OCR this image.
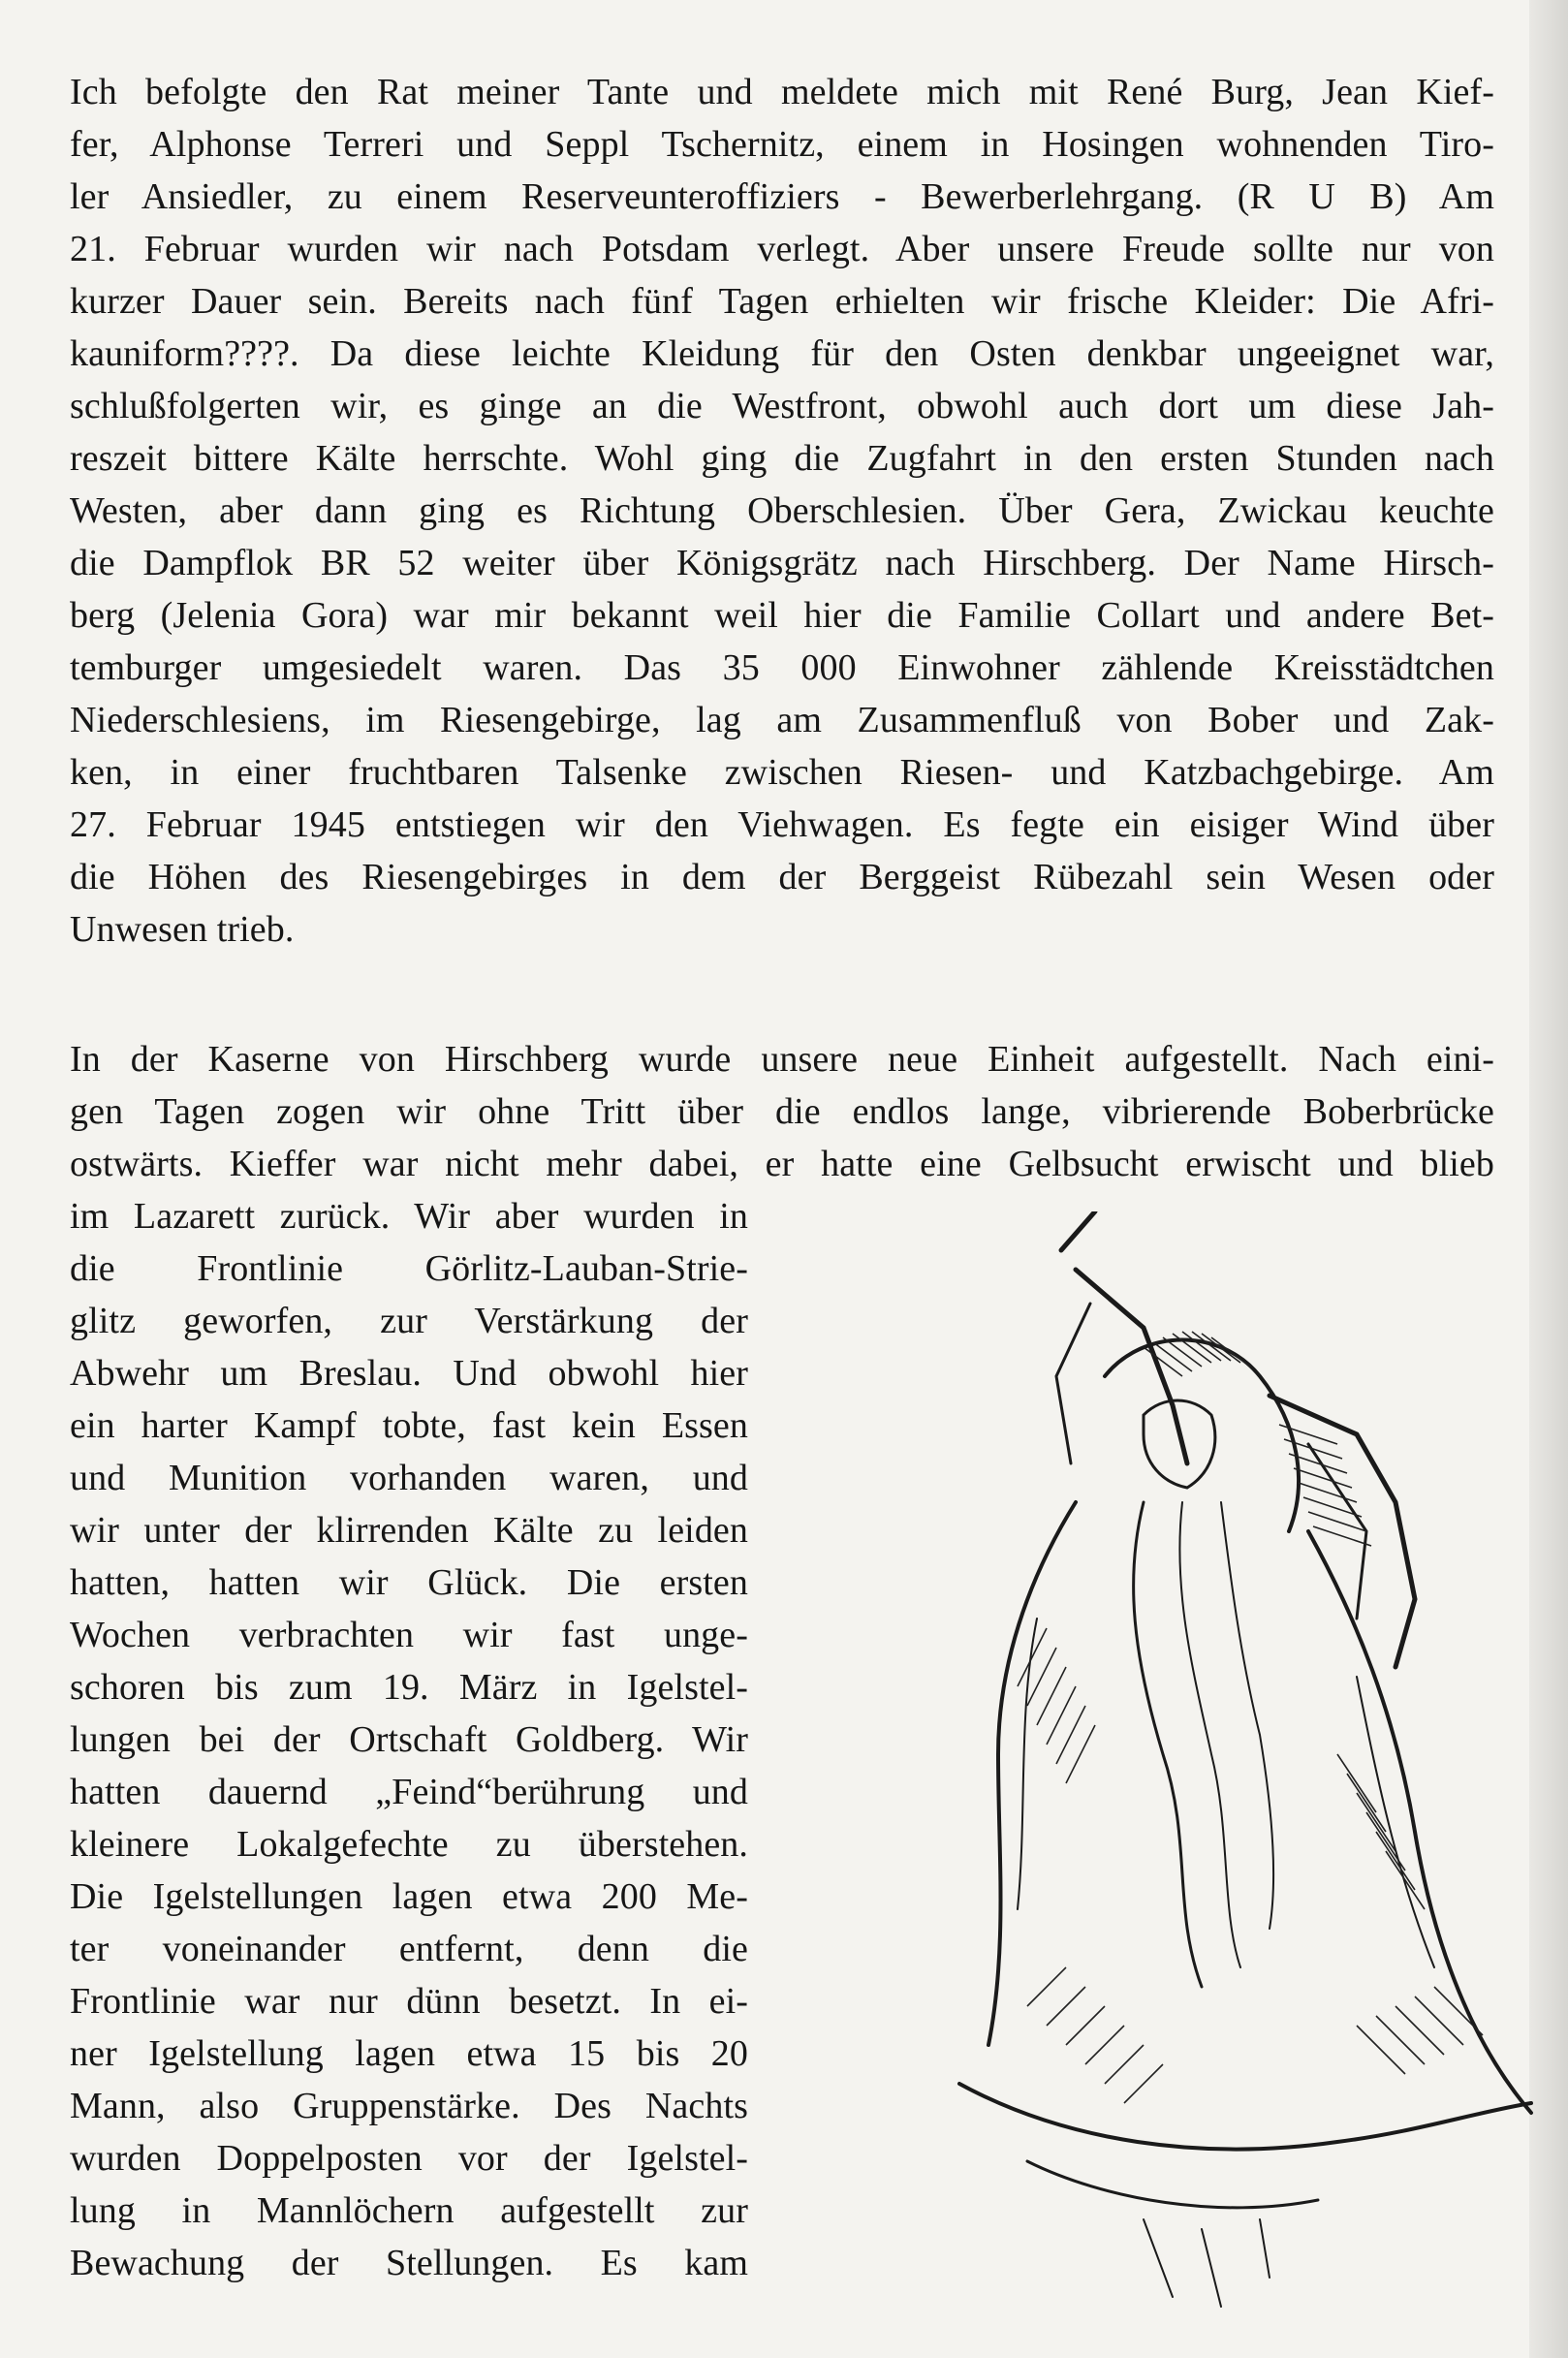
Ich befolgte den Rat meiner Tante und meldete mich mit René Burg, Jean Kief-
fer, Alphonse Terreri und Seppl Tschernitz, einem in Hosingen wohnenden Tiro-
ler Ansiedler, zu einem Reserveunteroffiziers - Bewerberlehrgang. (R U B) Am
21. Februar wurden wir nach Potsdam verlegt. Aber unsere Freude sollte nur von
kurzer Dauer sein. Bereits nach fünf Tagen erhielten wir frische Kleider: Die Afri-
kauniform????. Da diese leichte Kleidung für den Osten denkbar ungeeignet war,
schlußfolgerten wir, es ginge an die Westfront, obwohl auch dort um diese Jah-
reszeit bittere Kälte herrschte. Wohl ging die Zugfahrt in den ersten Stunden nach
Westen, aber dann ging es Richtung Oberschlesien. Über Gera, Zwickau keuchte
die Dampflok BR 52 weiter über Königsgrätz nach Hirschberg. Der Name Hirsch-
berg (Jelenia Gora) war mir bekannt weil hier die Familie Collart und andere Bet-
temburger umgesiedelt waren. Das 35 000 Einwohner zählende Kreisstädtchen
Niederschlesiens, im Riesengebirge, lag am Zusammenfluß von Bober und Zak-
ken, in einer fruchtbaren Talsenke zwischen Riesen- und Katzbachgebirge. Am
27. Februar 1945 entstiegen wir den Viehwagen. Es fegte ein eisiger Wind über
die Höhen des Riesengebirges in dem der Berggeist Rübezahl sein Wesen oder
Unwesen trieb.
In der Kaserne von Hirschberg wurde unsere neue Einheit aufgestellt. Nach eini-
gen Tagen zogen wir ohne Tritt über die endlos lange, vibrierende Boberbrücke
ostwärts. Kieffer war nicht mehr dabei, er hatte eine Gelbsucht erwischt und blieb
im Lazarett zurück. Wir aber wurden in
die Frontlinie Görlitz-Lauban-Strie-
glitz geworfen, zur Verstärkung der
Abwehr um Breslau. Und obwohl hier
ein harter Kampf tobte, fast kein Essen
und Munition vorhanden waren, und
wir unter der klirrenden Kälte zu leiden
hatten, hatten wir Glück. Die ersten
Wochen verbrachten wir fast unge-
schoren bis zum 19. März in Igelstel-
lungen bei der Ortschaft Goldberg. Wir
hatten dauernd „Feind“berührung und
kleinere Lokalgefechte zu überstehen.
Die Igelstellungen lagen etwa 200 Me-
ter voneinander entfernt, denn die
Frontlinie war nur dünn besetzt. In ei-
ner Igelstellung lagen etwa 15 bis 20
Mann, also Gruppenstärke. Des Nachts
wurden Doppelposten vor der Igelstel-
lung in Mannlöchern aufgestellt zur
Bewachung der Stellungen. Es kam
